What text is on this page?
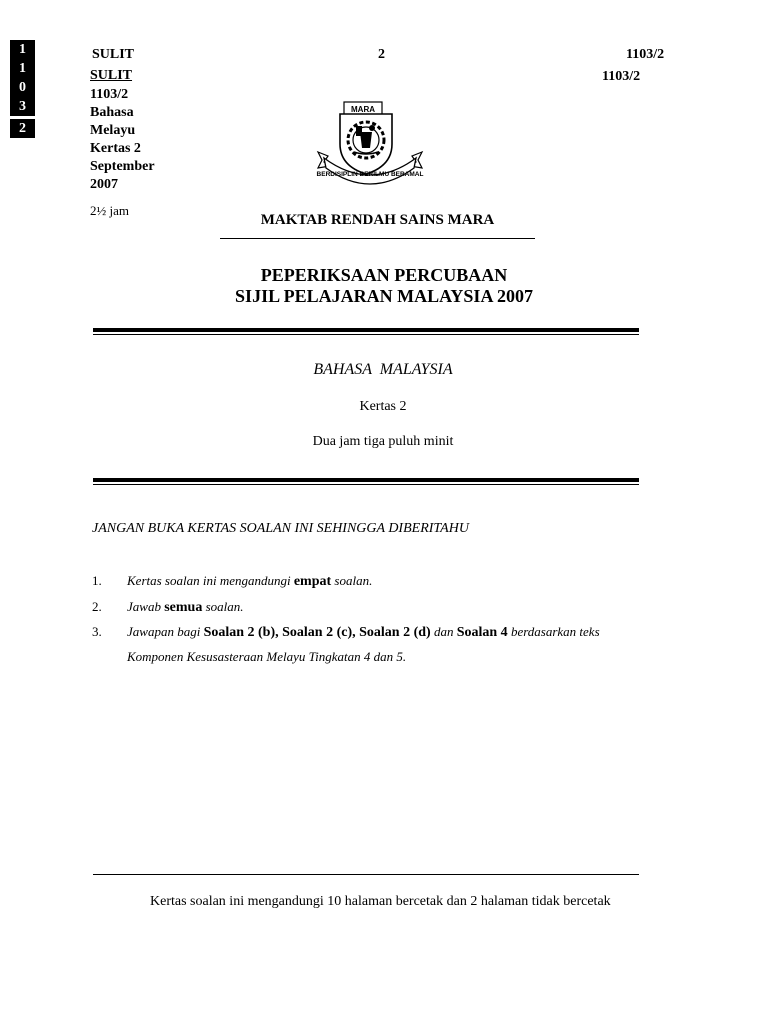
1
1
0
3
2
SULIT	2	1103/2
SULIT	1103/2
1103/2
Bahasa
Melayu
Kertas 2
September
2007
2½ jam
MARA
BERDISIPLIN BERILMU BERAMAL
MAKTAB RENDAH SAINS MARA
PEPERIKSAAN PERCUBAAN
SIJIL PELAJARAN MALAYSIA 2007
BAHASA  MALAYSIA
Kertas 2
Dua jam tiga puluh minit
JANGAN BUKA KERTAS SOALAN INI SEHINGGA DIBERITAHU
1. Kertas soalan ini mengandungi empat soalan.
2. Jawab semua soalan.
3. Jawapan bagi Soalan 2 (b), Soalan 2 (c), Soalan 2 (d) dan Soalan 4 berdasarkan teks
Komponen Kesusasteraan Melayu Tingkatan 4 dan 5.
Kertas soalan ini mengandungi 10 halaman bercetak dan 2 halaman tidak bercetak
